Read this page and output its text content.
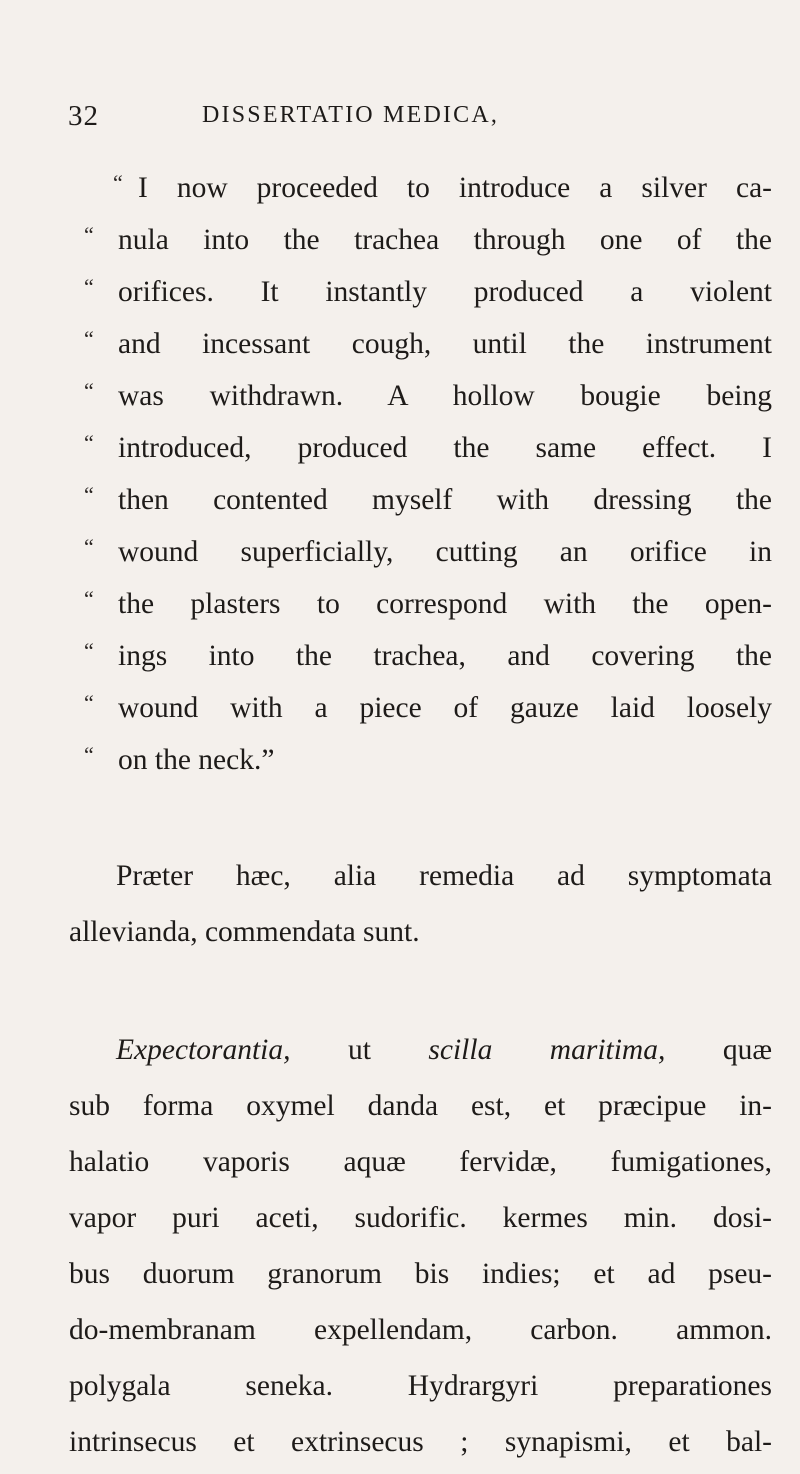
32	DISSERTATIO MEDICA,
“ I now proceeded to introduce a silver ca-
“ nula into the trachea through one of the
“ orifices. It instantly produced a violent
“ and incessant cough, until the instrument
“ was withdrawn. A hollow bougie being
“ introduced, produced the same effect. I
“ then contented myself with dressing the
“ wound superficially, cutting an orifice in
“ the plasters to correspond with the open-
“ ings into the trachea, and covering the
“ wound with a piece of gauze laid loosely
“ on the neck.”
Præter hæc, alia remedia ad symptomata
allevianda, commendata sunt.
Expectorantia, ut scilla maritima, quæ
sub forma oxymel danda est, et præcipue in-
halatio vaporis aquæ fervidæ, fumigationes,
vapor puri aceti, sudorific. kermes min. dosi-
bus duorum granorum bis indies; et ad pseu-
do-membranam expellendam, carbon. ammon.
polygala seneka. Hydrargyri preparationes
intrinsecus et extrinsecus ; synapismi, et bal-
